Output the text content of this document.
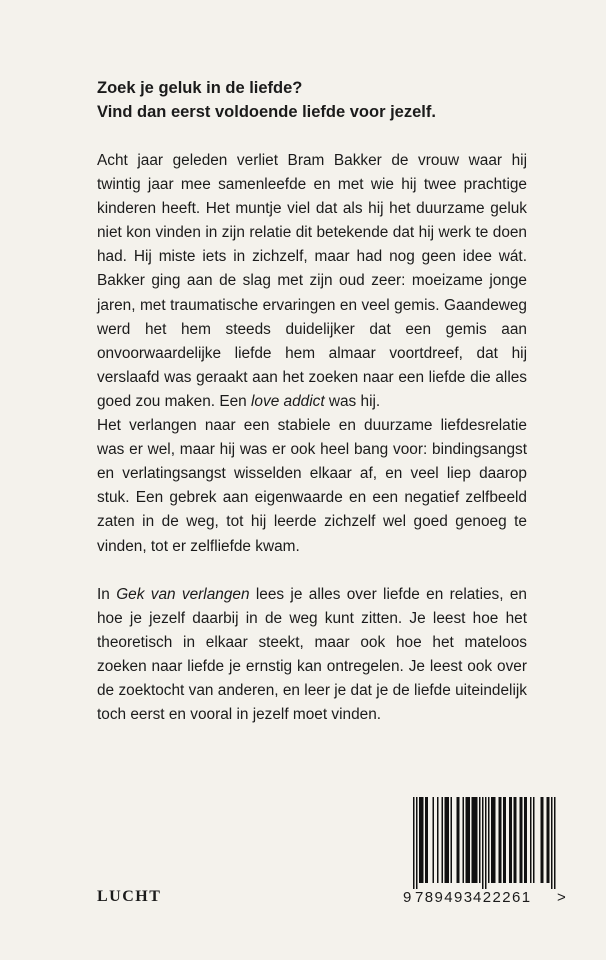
Zoek je geluk in de liefde?

Vind dan eerst voldoende liefde voor jezelf.

Acht jaar geleden verliet Bram Bakker de vrouw waar hij twintig jaar mee samenleefde en met wie hij twee prachtige kinderen heeft. Het muntje viel dat als hij het duurzame geluk niet kon vinden in zijn relatie dit betekende dat hij werk te doen had. Hij miste iets in zichzelf, maar had nog geen idee wát. Bakker ging aan de slag met zijn oud zeer: moeizame jonge jaren, met traumatische ervaringen en veel gemis. Gaandeweg werd het hem steeds duidelijker dat een gemis aan onvoorwaardelijke liefde hem almaar voortdreef, dat hij verslaafd was geraakt aan het zoeken naar een liefde die alles goed zou maken. Een love addict was hij.

Het verlangen naar een stabiele en duurzame liefdesrelatie was er wel, maar hij was er ook heel bang voor: bindingsangst en verlatingsangst wisselden elkaar af, en veel liep daarop stuk. Een gebrek aan eigenwaarde en een negatief zelfbeeld zaten in de weg, tot hij leerde zichzelf wel goed genoeg te vinden, tot er zelfliefde kwam.

In Gek van verlangen lees je alles over liefde en relaties, en hoe je jezelf daarbij in de weg kunt zitten. Je leest hoe het theoretisch in elkaar steekt, maar ook hoe het mateloos zoeken naar liefde je ernstig kan ontregelen. Je leest ook over de zoektocht van anderen, en leer je dat je de liefde uiteindelijk toch eerst en vooral in jezelf moet vinden.

9 789493 422261 >
LUCHT
